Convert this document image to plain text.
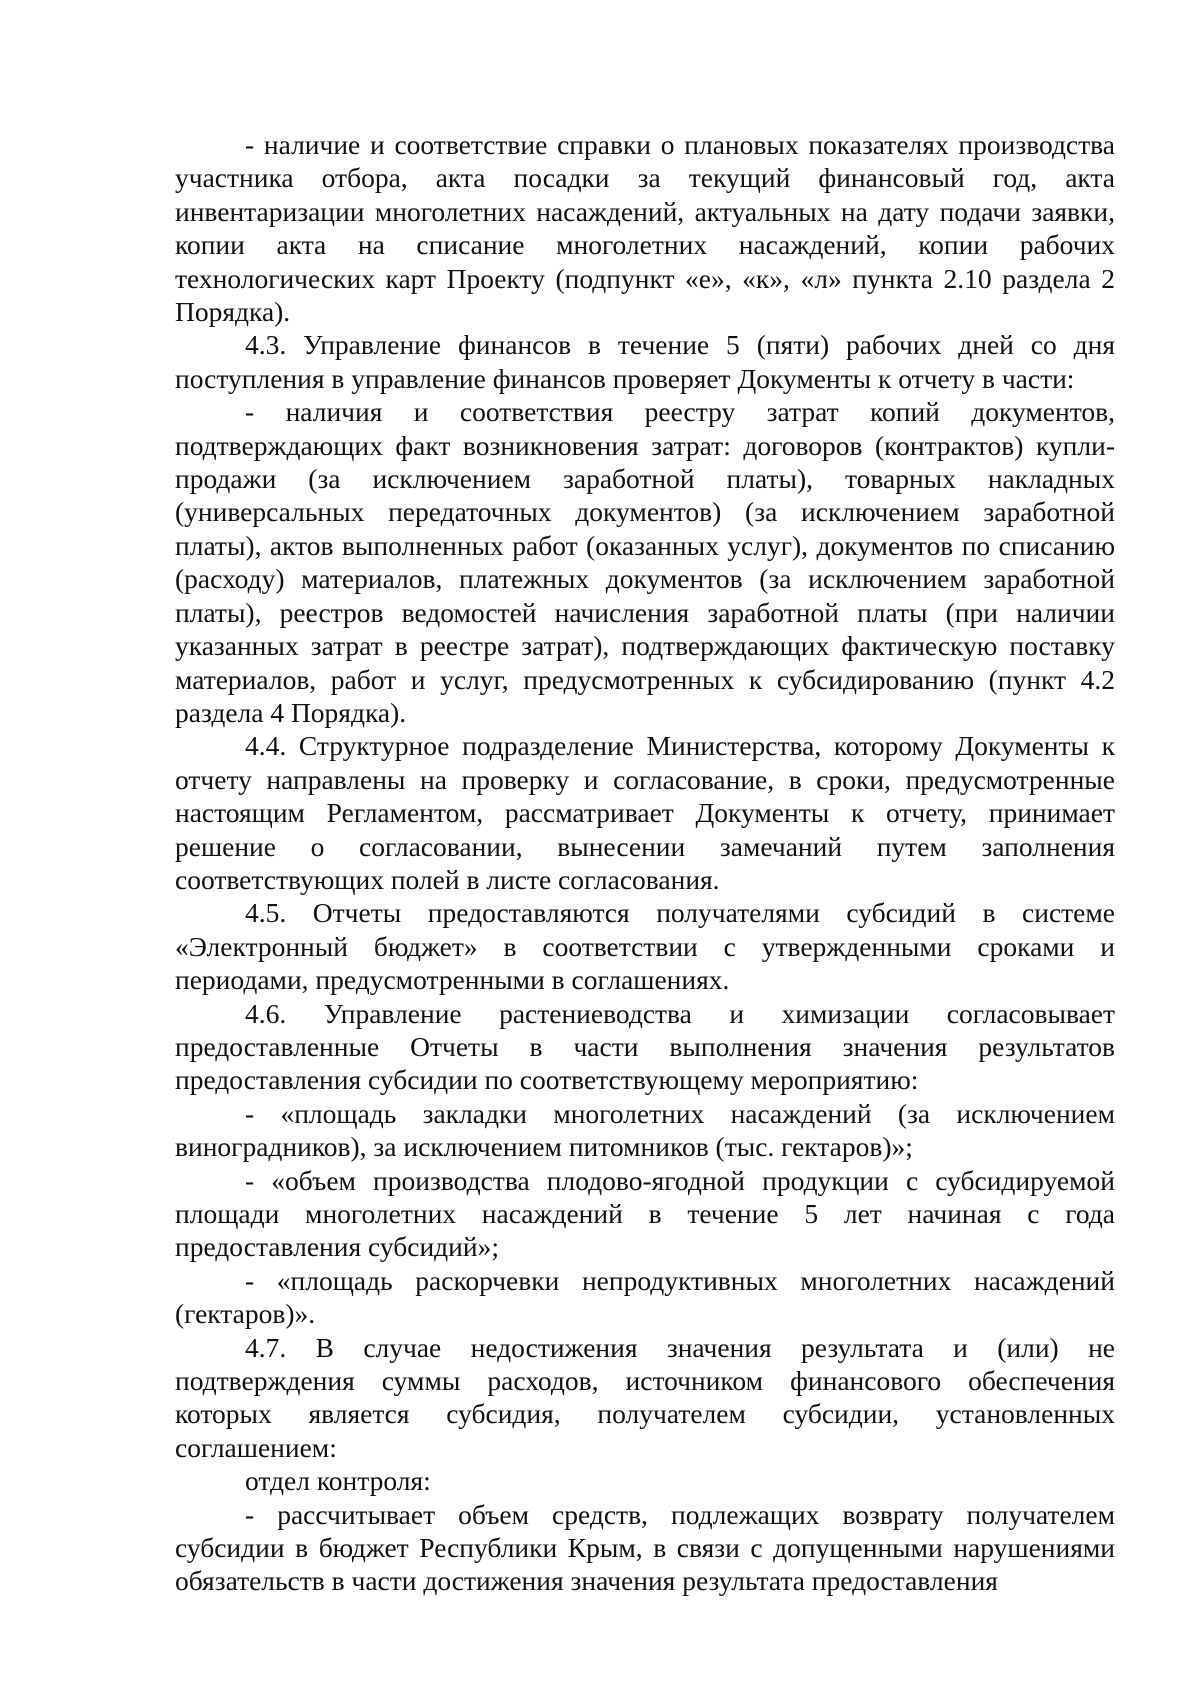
- наличие и соответствие справки о плановых показателях производства участника отбора, акта посадки за текущий финансовый год, акта инвентаризации многолетних насаждений, актуальных на дату подачи заявки, копии акта на списание многолетних насаждений, копии рабочих технологических карт Проекту (подпункт «е», «к», «л» пункта 2.10 раздела 2 Порядка).

4.3. Управление финансов в течение 5 (пяти) рабочих дней со дня поступления в управление финансов проверяет Документы к отчету в части:

- наличия и соответствия реестру затрат копий документов, подтверждающих факт возникновения затрат: договоров (контрактов) купли-продажи (за исключением заработной платы), товарных накладных (универсальных передаточных документов) (за исключением заработной платы), актов выполненных работ (оказанных услуг), документов по списанию (расходу) материалов, платежных документов (за исключением заработной платы), реестров ведомостей начисления заработной платы (при наличии указанных затрат в реестре затрат), подтверждающих фактическую поставку материалов, работ и услуг, предусмотренных к субсидированию (пункт 4.2 раздела 4 Порядка).

4.4. Структурное подразделение Министерства, которому Документы к отчету направлены на проверку и согласование, в сроки, предусмотренные настоящим Регламентом, рассматривает Документы к отчету, принимает решение о согласовании, вынесении замечаний путем заполнения соответствующих полей в листе согласования.

4.5. Отчеты предоставляются получателями субсидий в системе «Электронный бюджет» в соответствии с утвержденными сроками и периодами, предусмотренными в соглашениях.

4.6. Управление растениеводства и химизации согласовывает предоставленные Отчеты в части выполнения значения результатов предоставления субсидии по соответствующему мероприятию:

- «площадь закладки многолетних насаждений (за исключением виноградников), за исключением питомников (тыс. гектаров)»;

- «объем производства плодово-ягодной продукции с субсидируемой площади многолетних насаждений в течение 5 лет начиная с года предоставления субсидий»;

- «площадь раскорчевки непродуктивных многолетних насаждений (гектаров)».

4.7. В случае недостижения значения результата и (или) не подтверждения суммы расходов, источником финансового обеспечения которых является субсидия, получателем субсидии, установленных соглашением:

отдел контроля:

- рассчитывает объем средств, подлежащих возврату получателем субсидии в бюджет Республики Крым, в связи с допущенными нарушениями обязательств в части достижения значения результата предоставления
